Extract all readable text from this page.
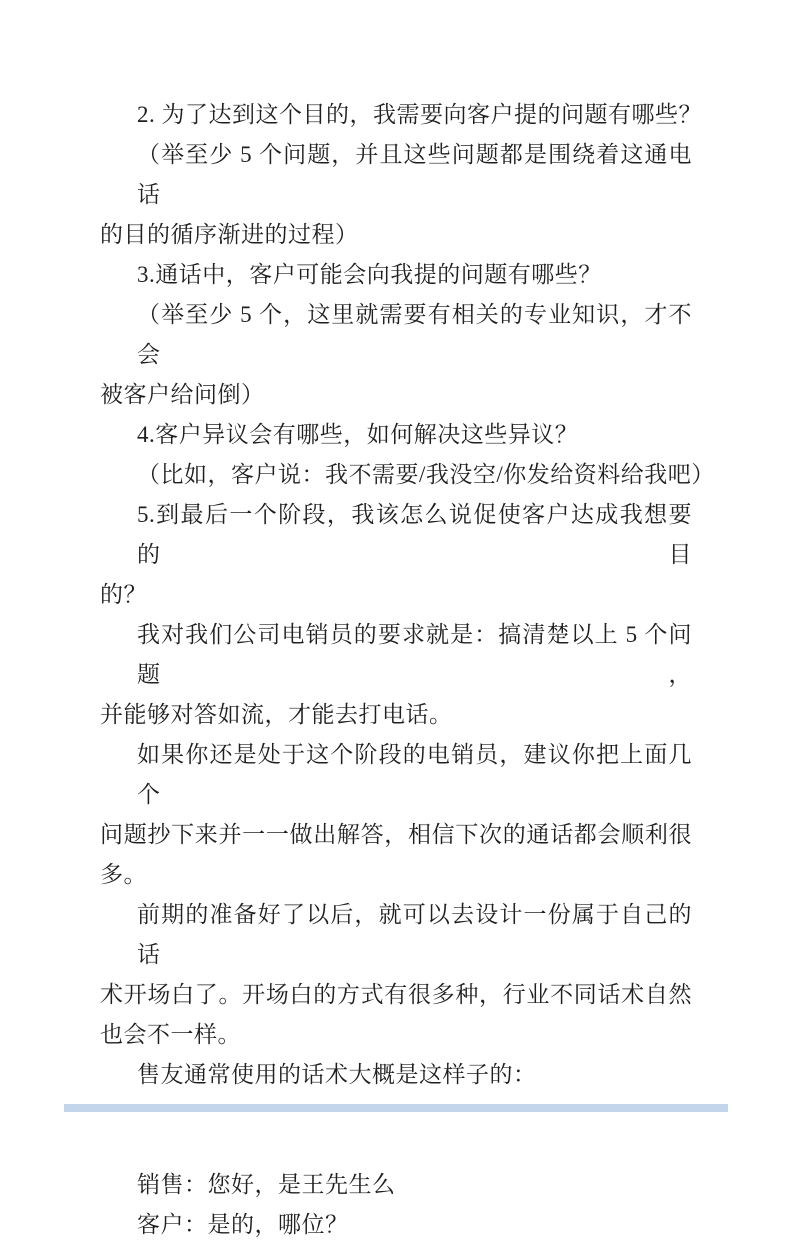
2. 为了达到这个目的，我需要向客户提的问题有哪些？
（举至少 5 个问题，并且这些问题都是围绕着这通电话
的目的循序渐进的过程）
3.通话中，客户可能会向我提的问题有哪些？
（举至少 5 个，这里就需要有相关的专业知识，才不会
被客户给问倒）
4.客户异议会有哪些，如何解决这些异议？
（比如，客户说：我不需要/我没空/你发给资料给我吧）
5.到最后一个阶段，我该怎么说促使客户达成我想要的目
的？
我对我们公司电销员的要求就是：搞清楚以上 5 个问题，
并能够对答如流，才能去打电话。
如果你还是处于这个阶段的电销员，建议你把上面几个
问题抄下来并一一做出解答，相信下次的通话都会顺利很
多。
前期的准备好了以后，就可以去设计一份属于自己的话
术开场白了。开场白的方式有很多种，行业不同话术自然
也会不一样。
售友通常使用的话术大概是这样子的：
销售：您好，是王先生么
客户：是的，哪位？
